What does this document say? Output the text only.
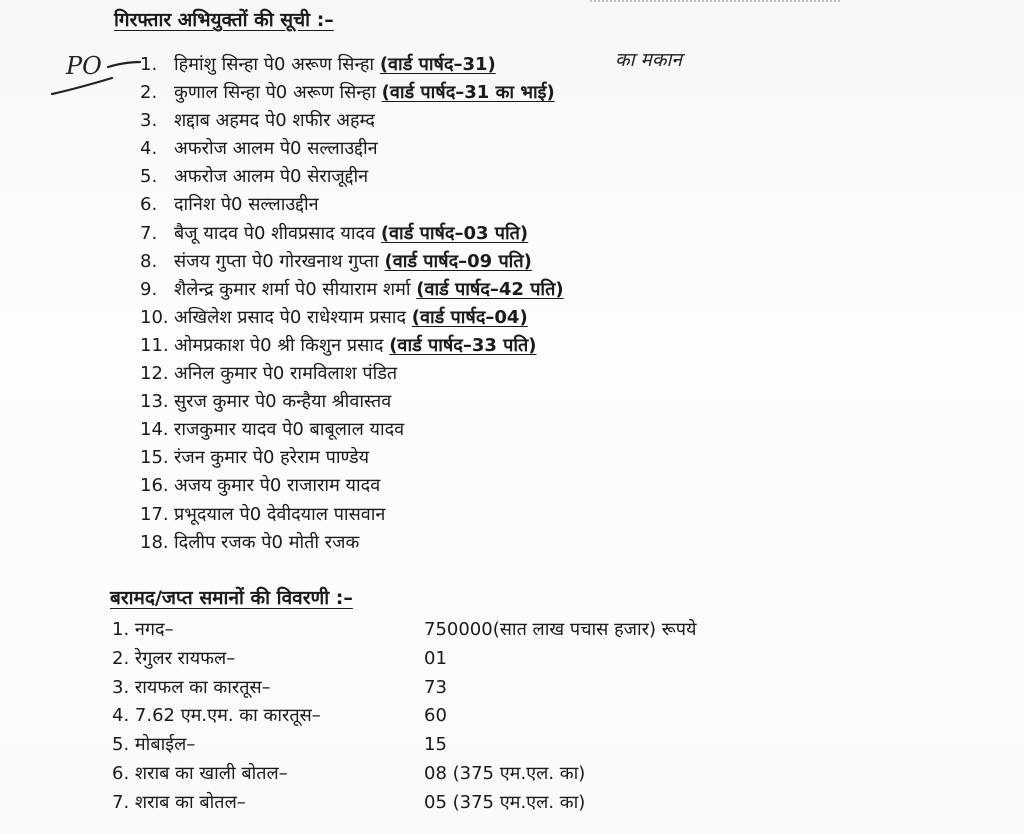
गिरफ्तार अभियुक्तों की सूची :–
1. हिमांशु सिन्हा पे0 अरूण सिन्हा (वार्ड पार्षद–31)
2. कुणाल सिन्हा पे0 अरूण सिन्हा (वार्ड पार्षद–31 का भाई)
3. शद्दाब अहमद पे0 शफीर अहम्द
4. अफरोज आलम पे0 सल्लाउद्दीन
5. अफरोज आलम पे0 सेराजूद्दीन
6. दानिश पे0 सल्लाउद्दीन
7. बैजू यादव पे0 शीवप्रसाद यादव (वार्ड पार्षद–03 पति)
8. संजय गुप्ता पे0 गोरखनाथ गुप्ता (वार्ड पार्षद–09 पति)
9. शैलेन्द्र कुमार शर्मा पे0 सीयाराम शर्मा (वार्ड पार्षद–42 पति)
10. अखिलेश प्रसाद पे0 राधेश्याम प्रसाद (वार्ड पार्षद–04)
11. ओमप्रकाश पे0 श्री किशुन प्रसाद (वार्ड पार्षद–33 पति)
12. अनिल कुमार पे0 रामविलाश पंडित
13. सुरज कुमार पे0 कन्हैया श्रीवास्तव
14. राजकुमार यादव पे0 बाबूलाल यादव
15. रंजन कुमार पे0 हरेराम पाण्डेय
16. अजय कुमार पे0 राजाराम यादव
17. प्रभूदयाल पे0 देवीदयाल पासवान
18. दिलीप रजक पे0 मोती रजक
बरामद/जप्त समानों की विवरणी :–
1. नगद–	750000(सात लाख पचास हजार) रूपये
2. रेगुलर रायफल–	01
3. रायफल का कारतूस–	73
4. 7.62 एम.एम. का कारतूस–	60
5. मोबाईल–	15
6. शराब का खाली बोतल–	08 (375 एम.एल. का)
7. शराब का बोतल–	05 (375 एम.एल. का)
PO	का मकान
